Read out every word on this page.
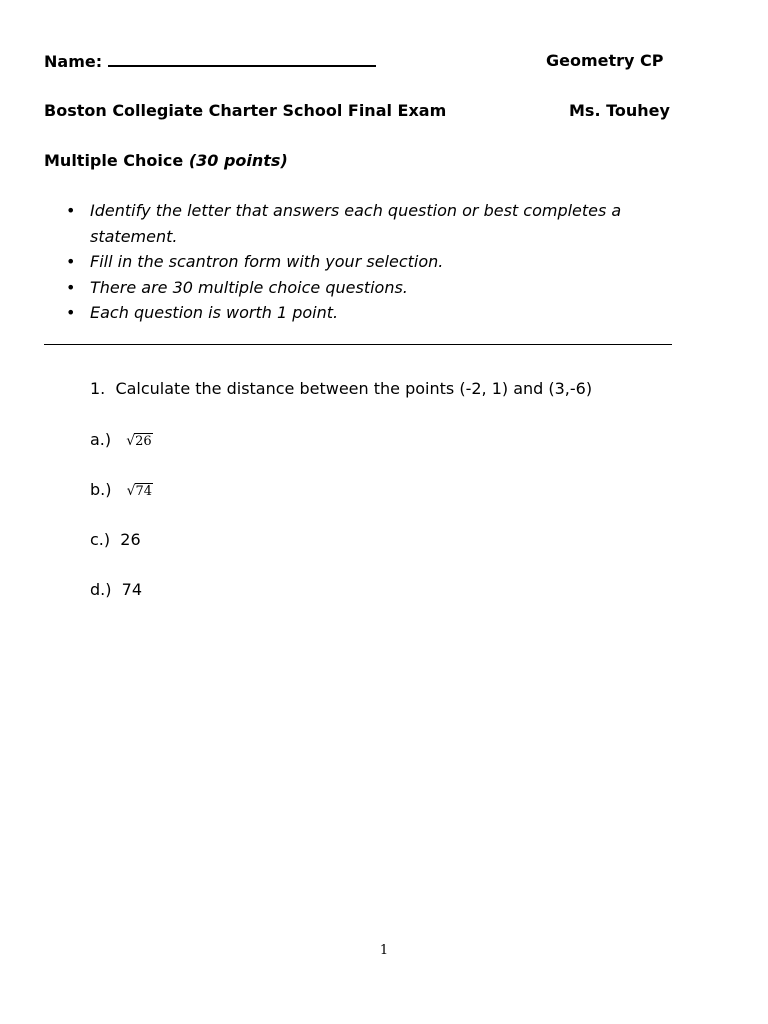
Name:	Geometry CP
Boston Collegiate Charter School Final Exam	Ms. Touhey
Multiple Choice (30 points)
• Identify the letter that answers each question or best completes a statement.
• Fill in the scantron form with your selection.
• There are 30 multiple choice questions.
• Each question is worth 1 point.
1. Calculate the distance between the points (-2, 1) and (3,-6)
a.) √26
b.) √74
c.) 26
d.) 74
1
